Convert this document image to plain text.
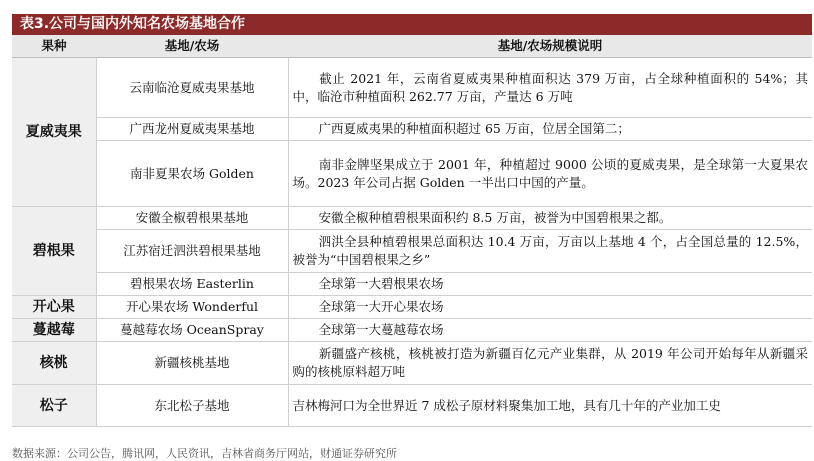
表3.公司与国内外知名农场基地合作
果种	基地/农场	基地/农场规模说明
夏威夷果	云南临沧夏威夷果基地	截止 2021 年，云南省夏威夷果种植面积达 379 万亩，占全球种植面积的 54%；其中，临沧市种植面积 262.77 万亩，产量达 6 万吨
	广西龙州夏威夷果基地	广西夏威夷果的种植面积超过 65 万亩，位居全国第二；
	南非夏果农场 Golden	南非金牌坚果成立于 2001 年，种植超过 9000 公顷的夏威夷果，是全球第一大夏果农场。2023 年公司占据 Golden 一半出口中国的产量。
碧根果	安徽全椒碧根果基地	安徽全椒种植碧根果面积约 8.5 万亩，被誉为中国碧根果之都。
	江苏宿迁泗洪碧根果基地	泗洪全县种植碧根果总面积达 10.4 万亩，万亩以上基地 4 个，占全国总量的 12.5%，被誉为“中国碧根果之乡”
	碧根果农场 Easterlin	全球第一大碧根果农场
开心果	开心果农场 Wonderful	全球第一大开心果农场
蔓越莓	蔓越莓农场 OceanSpray	全球第一大蔓越莓农场
核桃	新疆核桃基地	新疆盛产核桃，核桃被打造为新疆百亿元产业集群，从 2019 年公司开始每年从新疆采购的核桃原料超万吨
松子	东北松子基地	吉林梅河口为全世界近 7 成松子原材料聚集加工地，具有几十年的产业加工史
数据来源：公司公告，腾讯网，人民资讯，吉林省商务厅网站，财通证券研究所
